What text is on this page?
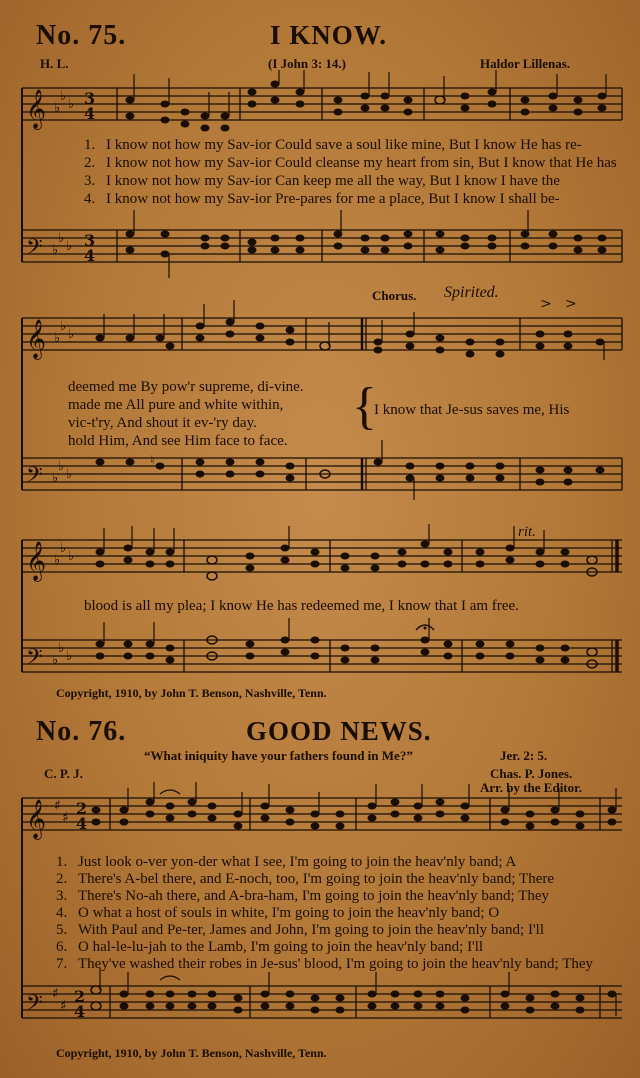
No. 75.	I KNOW.
H. L.	(I John 3: 14.)	Haldor Lillenas.
𝄞
𝄢
♭
♭
♭
♭
♭
♭
3
4
3
4
1. I know not how my Sav-ior Could save a soul like mine, But I know He has re-
2. I know not how my Sav-ior Could cleanse my heart from sin, But I know that He has
3. I know not how my Sav-ior Can keep me all the way, But I know I have the
4. I know not how my Sav-ior Pre-pares for me a place, But I know I shall be-
Chorus. Spirited.
𝄞
𝄢
♭
♭
♭
♭
♭
♭
♮
> >
deemed me By pow'r supreme, di-vine.
made me All pure and white within,
vic-t'ry, And shout it ev-'ry day.
hold Him, And see Him face to face.
{
I know that Je-sus saves me, His
rit.
𝄞
𝄢
♭
♭
♭
♭
♭
♭
blood is all my plea; I know He has redeemed me, I know that I am free.
Copyright, 1910, by John T. Benson, Nashville, Tenn.
No. 76.	GOOD NEWS.
“What iniquity have your fathers found in Me?”	Jer. 2: 5.
C. P. J.	Chas. P. Jones.
Arr. by the Editor.
𝄞
𝄢
♯
♯
♯
♯
2
4
2
4
1. Just look o-ver yon-der what I see, I'm going to join the heav'nly band; A
2. There's A-bel there, and E-noch, too, I'm going to join the heav'nly band; There
3. There's No-ah there, and A-bra-ham, I'm going to join the heav'nly band; They
4. O what a host of souls in white, I'm going to join the heav'nly band; O
5. With Paul and Pe-ter, James and John, I'm going to join the heav'nly band; I'll
6. O hal-le-lu-jah to the Lamb, I'm going to join the heav'nly band; I'll
7. They've washed their robes in Je-sus' blood, I'm going to join the heav'nly band; They
Copyright, 1910, by John T. Benson, Nashville, Tenn.
